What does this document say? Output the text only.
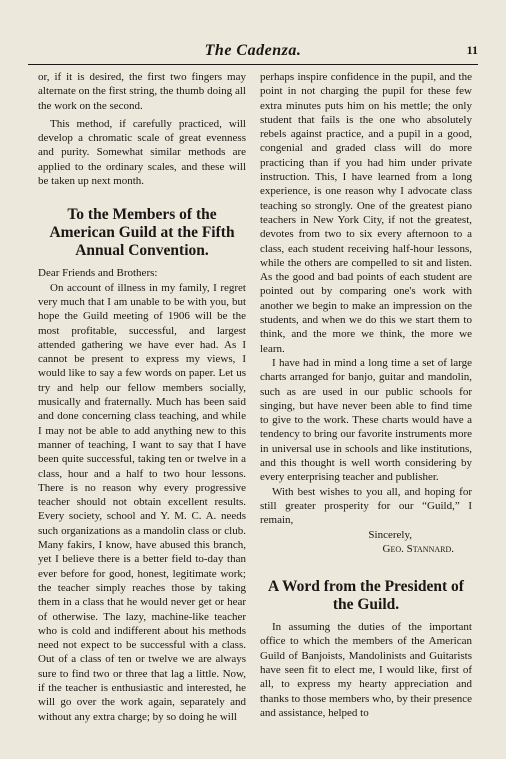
The Cadenza.	11

or, if it is desired, the first two fingers may alternate on the first string, the thumb doing all the work on the second.

This method, if carefully practiced, will develop a chromatic scale of great evenness and purity. Somewhat similar methods are applied to the ordinary scales, and these will be taken up next month.

To the Members of the American Guild at the Fifth Annual Convention.

Dear Friends and Brothers:

On account of illness in my family, I regret very much that I am unable to be with you, but hope the Guild meeting of 1906 will be the most profitable, successful, and largest attended gathering we have ever had. As I cannot be present to express my views, I would like to say a few words on paper. Let us try and help our fellow members socially, musically and fraternally. Much has been said and done concerning class teaching, and while I may not be able to add anything new to this manner of teaching, I want to say that I have been quite successful, taking ten or twelve in a class, hour and a half to two hour lessons. There is no reason why every progressive teacher should not obtain excellent results. Every society, school and Y. M. C. A. needs such organizations as a mandolin class or club. Many fakirs, I know, have abused this branch, yet I believe there is a better field to-day than ever before for good, honest, legitimate work; the teacher simply reaches those by taking them in a class that he would never get or hear of otherwise. The lazy, machine-like teacher who is cold and indifferent about his methods need not expect to be successful with a class. Out of a class of ten or twelve we are always sure to find two or three that lag a little. Now, if the teacher is enthusiastic and interested, he will go over the work again, separately and without any extra charge; by so doing he will

perhaps inspire confidence in the pupil, and the point in not charging the pupil for these few extra minutes puts him on his mettle; the only student that fails is the one who absolutely rebels against practice, and a pupil in a good, congenial and graded class will do more practicing than if you had him under private instruction. This, I have learned from a long experience, is one reason why I advocate class teaching so strongly. One of the greatest piano teachers in New York City, if not the greatest, devotes from two to six every afternoon to a class, each student receiving half-hour lessons, while the others are compelled to sit and listen. As the good and bad points of each student are pointed out by comparing one's work with another we begin to make an impression on the students, and when we do this we start them to think, and the more we think, the more we learn.

I have had in mind a long time a set of large charts arranged for banjo, guitar and mandolin, such as are used in our public schools for singing, but have never been able to find time to give to the work. These charts would have a tendency to bring our favorite instruments more in universal use in schools and like institutions, and this thought is well worth considering by every enterprising teacher and publisher.

With best wishes to you all, and hoping for still greater prosperity for our “Guild,” I remain,

Sincerely,

Geo. Stannard.

A Word from the President of the Guild.

In assuming the duties of the important office to which the members of the American Guild of Banjoists, Mandolinists and Guitarists have seen fit to elect me, I would like, first of all, to express my hearty appreciation and thanks to those members who, by their presence and assistance, helped to
